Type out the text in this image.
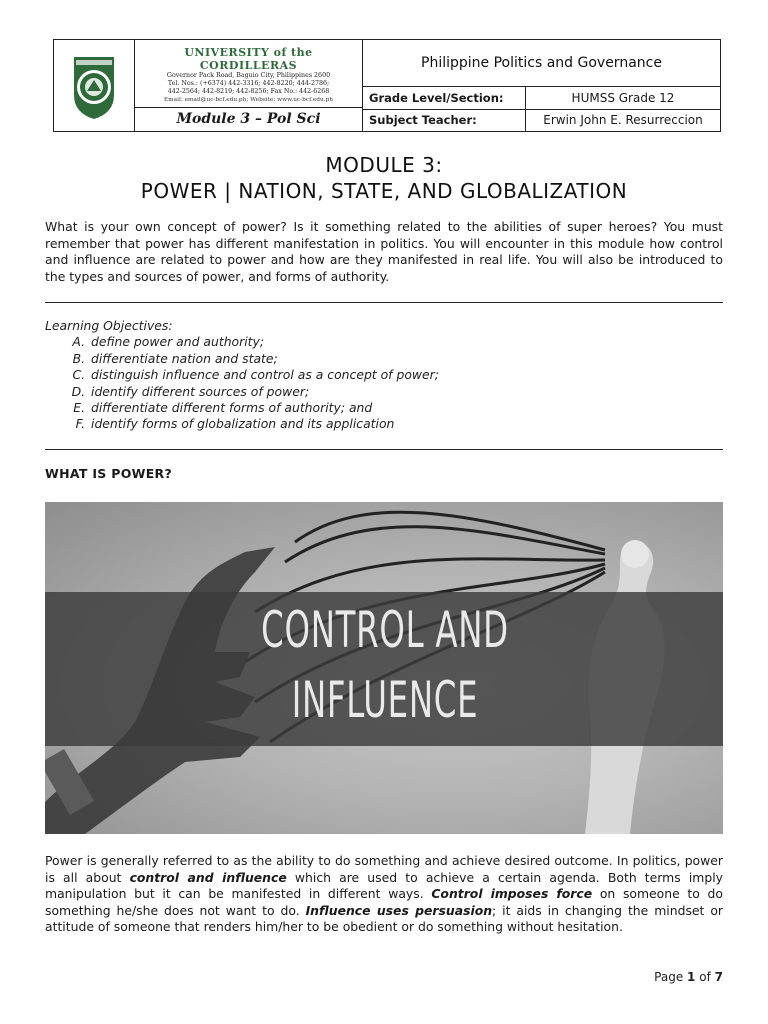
UNIVERSITY of the CORDILLERAS
Governor Pack Road, Baguio City, Philippines 2600
Tel. Nos.: (+6374) 442-3316; 442-8220; 444-2786;
442-2564; 442-8219; 442-8256; Fax No.: 442-6268
Email: email@uc-bcf.edu.ph; Website: www.uc-bcf.edu.ph
Module 3 – Pol Sci
Philippine Politics and Governance
Grade Level/Section:	HUMSS Grade 12
Subject Teacher:	Erwin John E. Resurreccion
MODULE 3:
POWER | NATION, STATE, AND GLOBALIZATION
What is your own concept of power? Is it something related to the abilities of super heroes? You must remember that power has different manifestation in politics. You will encounter in this module how control and influence are related to power and how are they manifested in real life. You will also be introduced to the types and sources of power, and forms of authority.
Learning Objectives:
A. define power and authority;
B. differentiate nation and state;
C. distinguish influence and control as a concept of power;
D. identify different sources of power;
E. differentiate different forms of authority; and
F. identify forms of globalization and its application
WHAT IS POWER?
CONTROL AND
INFLUENCE
Power is generally referred to as the ability to do something and achieve desired outcome. In politics, power is all about control and influence which are used to achieve a certain agenda. Both terms imply manipulation but it can be manifested in different ways. Control imposes force on someone to do something he/she does not want to do. Influence uses persuasion; it aids in changing the mindset or attitude of someone that renders him/her to be obedient or do something without hesitation.
Page 1 of 7
